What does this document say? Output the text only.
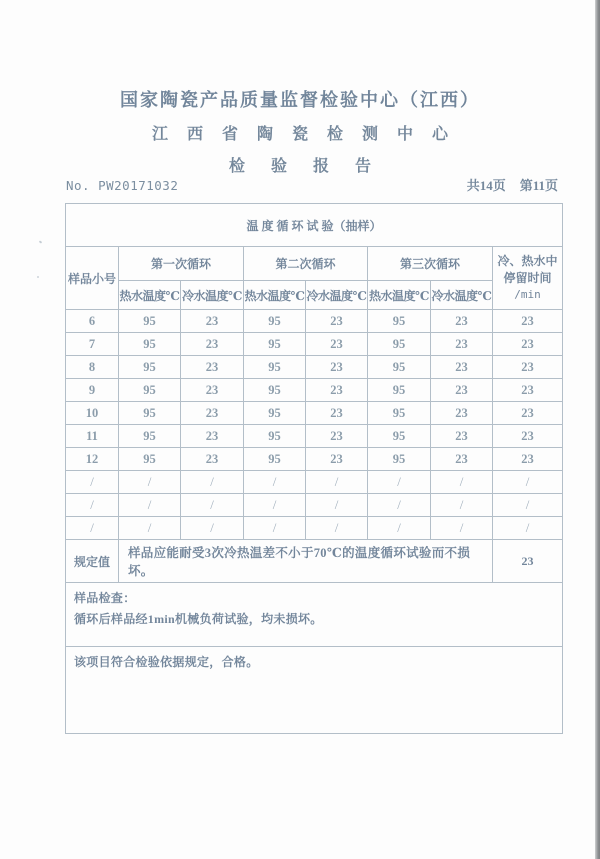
国家陶瓷产品质量监督检验中心（江西）
江西省陶瓷检测中心
检验报告
No. PW20171032	共14页 第11页
温 度 循 环 试 验（抽样）							
样品小号	第一次循环		第二次循环		第三次循环		冷、热水中
停留时间
/min

	热水温度℃	冷水温度℃	热水温度℃	冷水温度℃	热水温度℃	冷水温度℃	
6	95	23	95	23	95	23	23
7	95	23	95	23	95	23	23
8	95	23	95	23	95	23	23
9	95	23	95	23	95	23	23
10	95	23	95	23	95	23	23
11	95	23	95	23	95	23	23
12	95	23	95	23	95	23	23
/	/	/	/	/	/	/	/
/	/	/	/	/	/	/	/
/	/	/	/	/	/	/	/
规定值	样品应能耐受3次冷热温差不小于70℃的温度循环试验而不损坏。						23

样品检查：
循环后样品经1min机械负荷试验，均未损坏。							

该项目符合检验依据规定，合格。							
